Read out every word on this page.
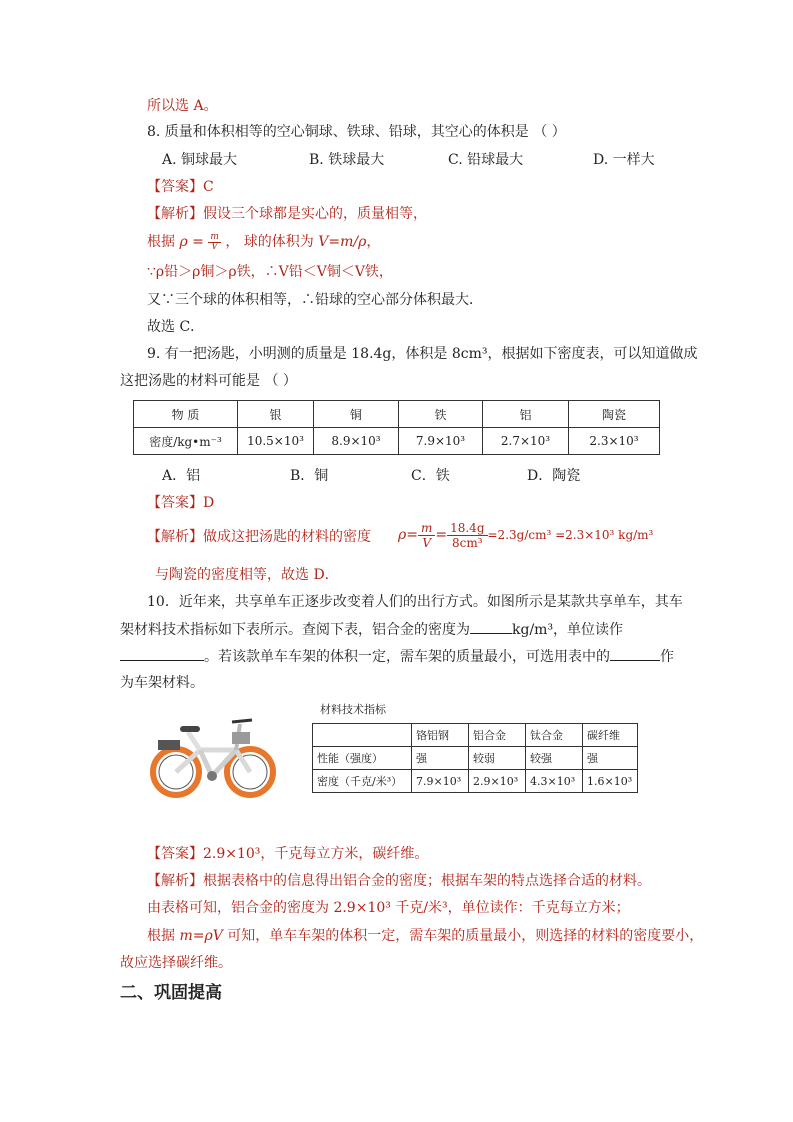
所以选 A。
8. 质量和体积相等的空心铜球、铁球、铅球，其空心的体积是 （ ）
A. 铜球最大	B. 铁球最大	C. 铅球最大	D. 一样大
【答案】C
【解析】假设三个球都是实心的，质量相等，
根据 $\rho = \frac{m}{V}$ ， 球的体积为 V=m/ρ，
∵ρ铅＞ρ铜＞ρ铁，∴V铅＜V铜＜V铁，
又∵三个球的体积相等，∴铅球的空心部分体积最大．
故选 C．
9. 有一把汤匙，小明测的质量是 18.4g，体积是 8cm³，根据如下密度表，可以知道做成
这把汤匙的材料可能是 （ ）
物 质	银	铜	铁	铝	陶瓷
密度/kg•m⁻³	10.5×10³	8.9×10³	7.9×10³	2.7×10³	2.3×10³
A．铝	B．铜	C．铁	D．陶瓷
【答案】D
【解析】做成这把汤匙的材料的密度 $\rho= \frac{m}{V} = \frac{18.4g}{\text{8cm³}} =2.3g/cm^3 =2.3\times 10^3$ kg/m³
与陶瓷的密度相等，故选 D．
10．近年来，共享单车正逐步改变着人们的出行方式。如图所示是某款共享单车，其车
架材料技术指标如下表所示。查阅下表，铝合金的密度为	kg/m³，单位读作
。若该款单车车架的体积一定，需车架的质量最小，可选用表中的	作
为车架材料。
材料技术指标
	铬铝钢	铝合金	钛合金	碳纤维
性能（强度）	强	较弱	较强	强
密度（千克/米³）	7.9×10³	2.9×10³	4.3×10³	1.6×10³
【答案】2.9×10³，千克每立方米，碳纤维。
【解析】根据表格中的信息得出铝合金的密度；根据车架的特点选择合适的材料。
由表格可知，铝合金的密度为 2.9×10³ 千克/米³，单位读作：千克每立方米；
根据 m=ρV 可知，单车车架的体积一定，需车架的质量最小，则选择的材料的密度要小，
故应选择碳纤维。
二、巩固提高
